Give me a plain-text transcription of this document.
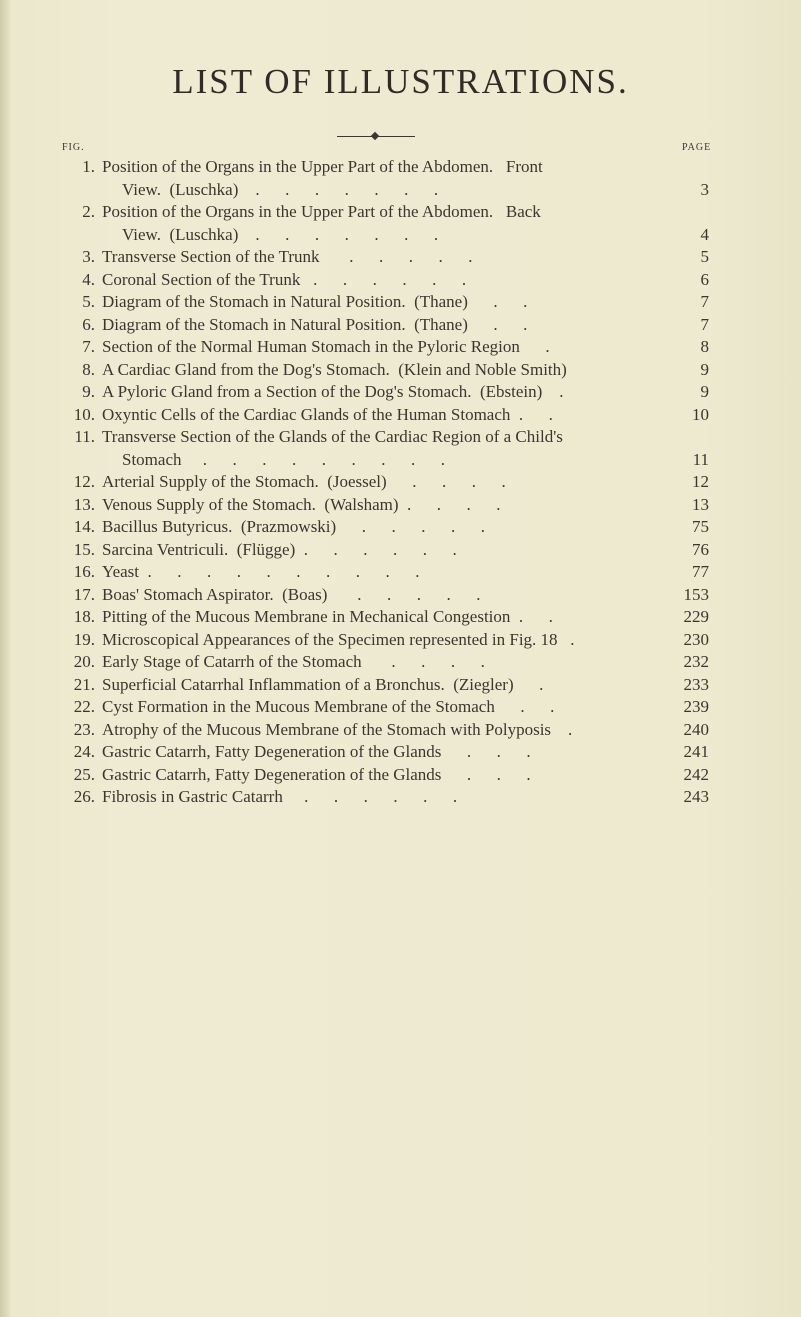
LIST OF ILLUSTRATIONS.
FIG.	PAGE
1. Position of the Organs in the Upper Part of the Abdomen.   Front
View.  (Luschka)    .      .      .      .      .      .      .	3
2. Position of the Organs in the Upper Part of the Abdomen.   Back
View.  (Luschka)    .      .      .      .      .      .      .	4
3. Transverse Section of the Trunk       .      .      .      .      .	5
4. Coronal Section of the Trunk   .      .      .      .      .      .	6
5. Diagram of the Stomach in Natural Position.  (Thane)      .      .	7
6. Diagram of the Stomach in Natural Position.  (Thane)      .      .	7
7. Section of the Normal Human Stomach in the Pyloric Region      .	8
8. A Cardiac Gland from the Dog's Stomach.  (Klein and Noble Smith)	9
9. A Pyloric Gland from a Section of the Dog's Stomach.  (Ebstein)    .	9
10. Oxyntic Cells of the Cardiac Glands of the Human Stomach  .      .	10
11. Transverse Section of the Glands of the Cardiac Region of a Child's
Stomach     .      .      .      .      .      .      .      .      .	11
12. Arterial Supply of the Stomach.  (Joessel)      .      .      .      .	12
13. Venous Supply of the Stomach.  (Walsham)  .      .      .      .	13
14. Bacillus Butyricus.  (Prazmowski)      .      .      .      .      .	75
15. Sarcina Ventriculi.  (Flügge)  .      .      .      .      .      .	76
16. Yeast  .      .      .      .      .      .      .      .      .      .	77
17. Boas' Stomach Aspirator.  (Boas)       .      .      .      .      .	153
18. Pitting of the Mucous Membrane in Mechanical Congestion  .      .	229
19. Microscopical Appearances of the Specimen represented in Fig. 18   .	230
20. Early Stage of Catarrh of the Stomach       .      .      .      .	232
21. Superficial Catarrhal Inflammation of a Bronchus.  (Ziegler)      .	233
22. Cyst Formation in the Mucous Membrane of the Stomach      .      .	239
23. Atrophy of the Mucous Membrane of the Stomach with Polyposis    .	240
24. Gastric Catarrh, Fatty Degeneration of the Glands      .      .      .	241
25. Gastric Catarrh, Fatty Degeneration of the Glands      .      .      .	242
26. Fibrosis in Gastric Catarrh     .      .      .      .      .      .	243
